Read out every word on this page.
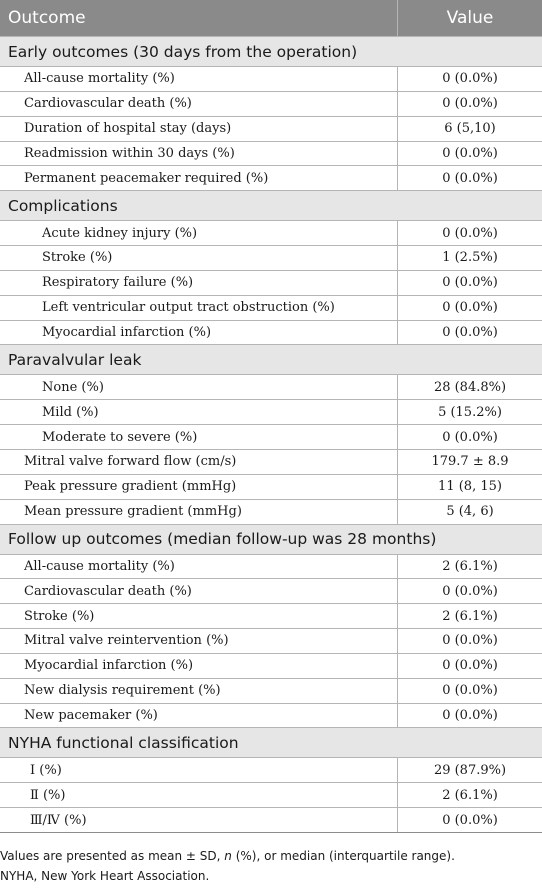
Outcome	Value
Early outcomes (30 days from the operation)
All-cause mortality (%)	0 (0.0%)
Cardiovascular death (%)	0 (0.0%)
Duration of hospital stay (days)	6 (5,10)
Readmission within 30 days (%)	0 (0.0%)
Permanent peacemaker required (%)	0 (0.0%)
Complications
Acute kidney injury (%)	0 (0.0%)
Stroke (%)	1 (2.5%)
Respiratory failure (%)	0 (0.0%)
Left ventricular output tract obstruction (%)	0 (0.0%)
Myocardial infarction (%)	0 (0.0%)
Paravalvular leak
None (%)	28 (84.8%)
Mild (%)	5 (15.2%)
Moderate to severe (%)	0 (0.0%)
Mitral valve forward flow (cm/s)	179.7 ± 8.9
Peak pressure gradient (mmHg)	11 (8, 15)
Mean pressure gradient (mmHg)	5 (4, 6)
Follow up outcomes (median follow-up was 28 months)
All-cause mortality (%)	2 (6.1%)
Cardiovascular death (%)	0 (0.0%)
Stroke (%)	2 (6.1%)
Mitral valve reintervention (%)	0 (0.0%)
Myocardial infarction (%)	0 (0.0%)
New dialysis requirement (%)	0 (0.0%)
New pacemaker (%)	0 (0.0%)
NYHA functional classification
Ⅰ (%)	29 (87.9%)
Ⅱ (%)	2 (6.1%)
Ⅲ/Ⅳ (%)	0 (0.0%)
Values are presented as mean ± SD, n (%), or median (interquartile range).
NYHA, New York Heart Association.
